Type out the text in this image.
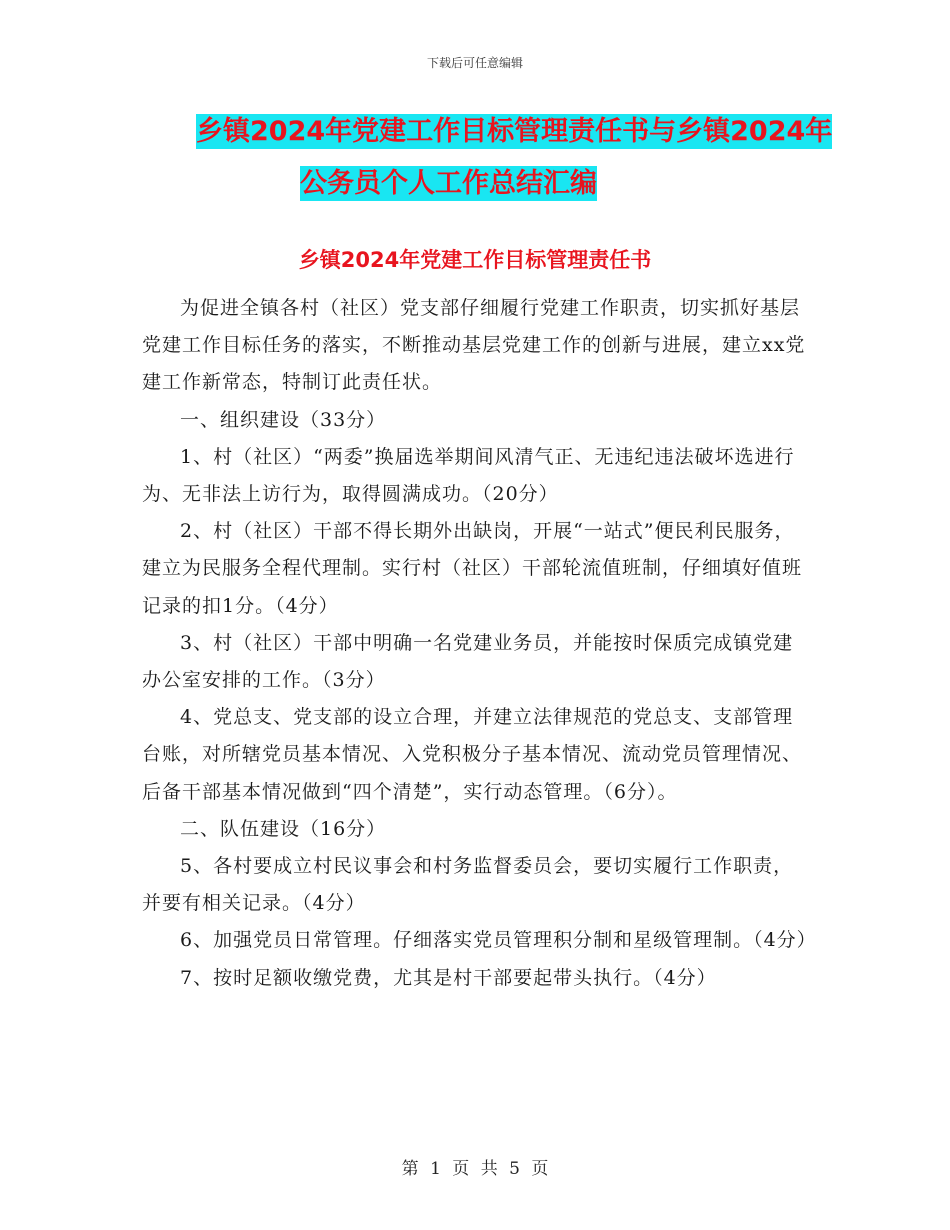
下载后可任意编辑
乡镇2024年党建工作目标管理责任书与乡镇2024年
公务员个人工作总结汇编
乡镇2024年党建工作目标管理责任书

为促进全镇各村（社区）党支部仔细履行党建工作职责，切实抓好基层党建工作目标任务的落实，不断推动基层党建工作的创新与进展，建立xx党建工作新常态，特制订此责任状。

一、组织建设（33分）

1、村（社区）“两委”换届选举期间风清气正、无违纪违法破坏选进行为、无非法上访行为，取得圆满成功。（20分）

2、村（社区）干部不得长期外出缺岗，开展“一站式”便民利民服务，建立为民服务全程代理制。实行村（社区）干部轮流值班制，仔细填好值班记录的扣1分。（4分）

3、村（社区）干部中明确一名党建业务员，并能按时保质完成镇党建办公室安排的工作。（3分）

4、党总支、党支部的设立合理，并建立法律规范的党总支、支部管理台账，对所辖党员基本情况、入党积极分子基本情况、流动党员管理情况、后备干部基本情况做到“四个清楚”，实行动态管理。（6分）。

二、队伍建设（16分）

5、各村要成立村民议事会和村务监督委员会，要切实履行工作职责，并要有相关记录。（4分）

6、加强党员日常管理。仔细落实党员管理积分制和星级管理制。（4分）

7、按时足额收缴党费，尤其是村干部要起带头执行。（4分）

第 1 页 共 5 页
